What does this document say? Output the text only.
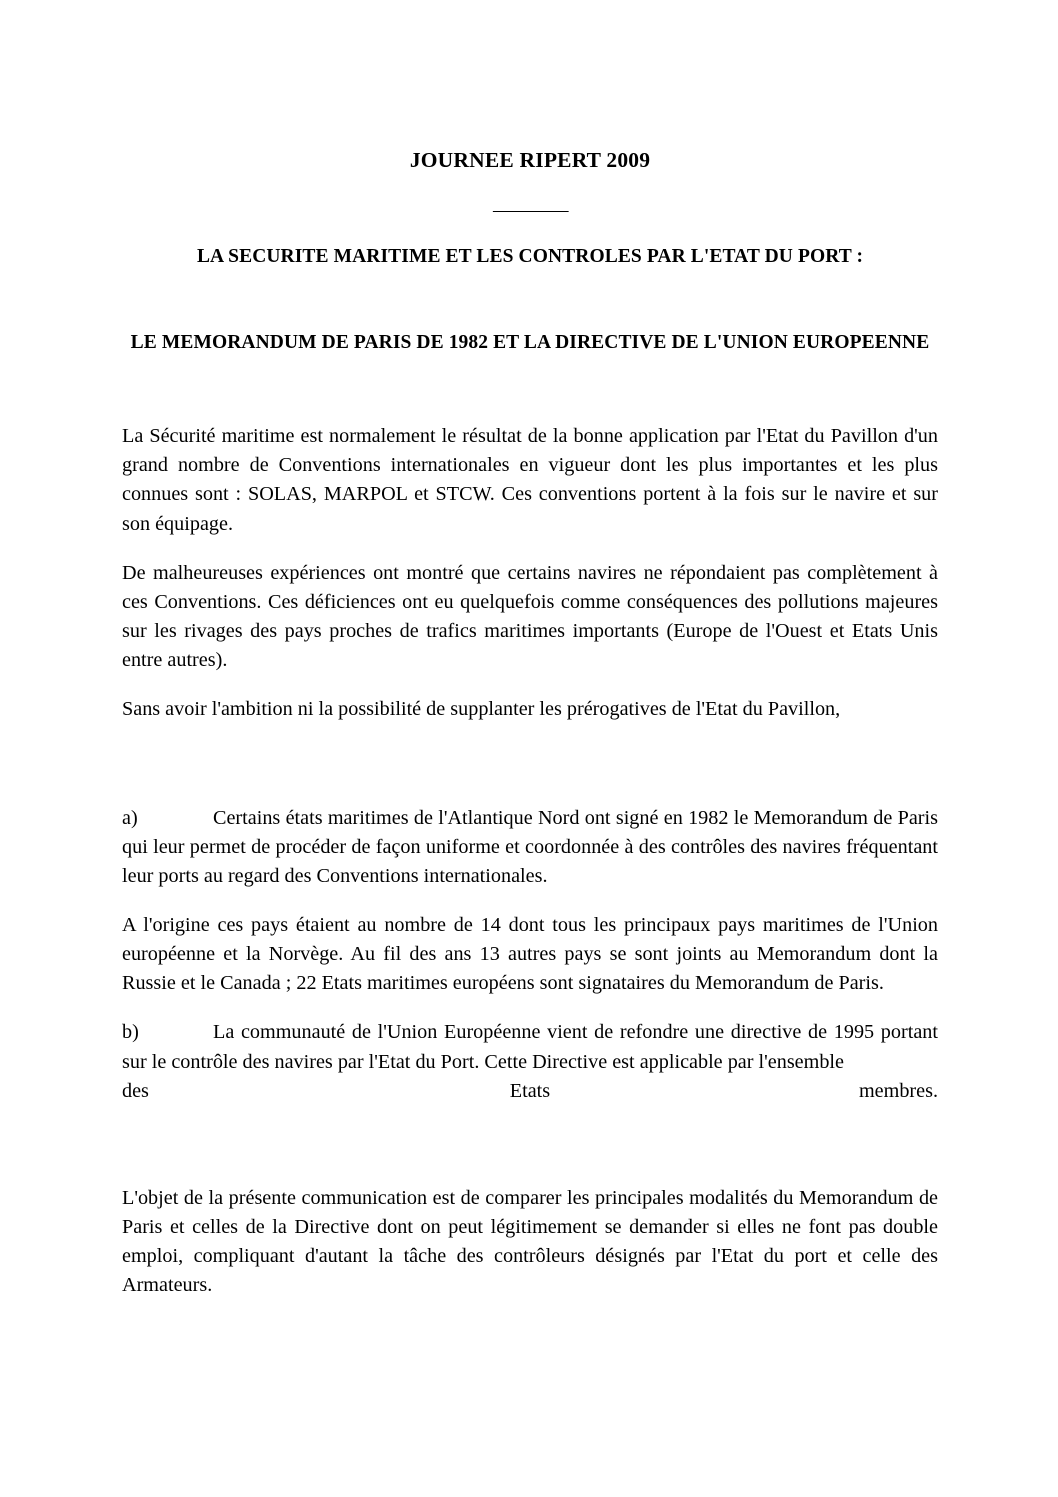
JOURNEE RIPERT 2009
————
LA SECURITE MARITIME ET LES CONTROLES PAR L'ETAT DU PORT :
LE MEMORANDUM DE PARIS DE 1982 ET LA DIRECTIVE DE L'UNION EUROPEENNE

La Sécurité maritime est normalement le résultat de la bonne application par l'Etat du Pavillon d'un grand nombre de Conventions internationales en vigueur dont les plus importantes et les plus connues sont : SOLAS, MARPOL et STCW. Ces conventions portent à la fois sur le navire et sur son équipage.

De malheureuses expériences ont montré que certains navires ne répondaient pas complètement à ces Conventions. Ces déficiences ont eu quelquefois comme conséquences des pollutions majeures sur les rivages des pays proches de trafics maritimes importants (Europe de l'Ouest et Etats Unis entre autres).

Sans avoir l'ambition ni la possibilité de supplanter les prérogatives de l'Etat du Pavillon,

a)	Certains états maritimes de l'Atlantique Nord ont signé en 1982 le Memorandum de Paris qui leur permet de procéder de façon uniforme et coordonnée à des contrôles des navires fréquentant leur ports au regard des Conventions internationales.

A l'origine ces pays étaient au nombre de 14 dont tous les principaux pays maritimes de l'Union européenne et la Norvège. Au fil des ans 13 autres pays se sont joints au Memorandum dont la Russie et le Canada ; 22 Etats maritimes européens sont signataires du Memorandum de Paris.

b)	La communauté de l'Union Européenne vient de refondre une directive de 1995 portant sur le contrôle des navires par l'Etat du Port. Cette Directive est applicable par l'ensemble

des	Etats	membres.

L'objet de la présente communication est de comparer les principales modalités du Memorandum de Paris et celles de la Directive dont on peut légitimement se demander si elles ne font pas double emploi, compliquant d'autant la tâche des contrôleurs désignés par l'Etat du port et celle des Armateurs.
